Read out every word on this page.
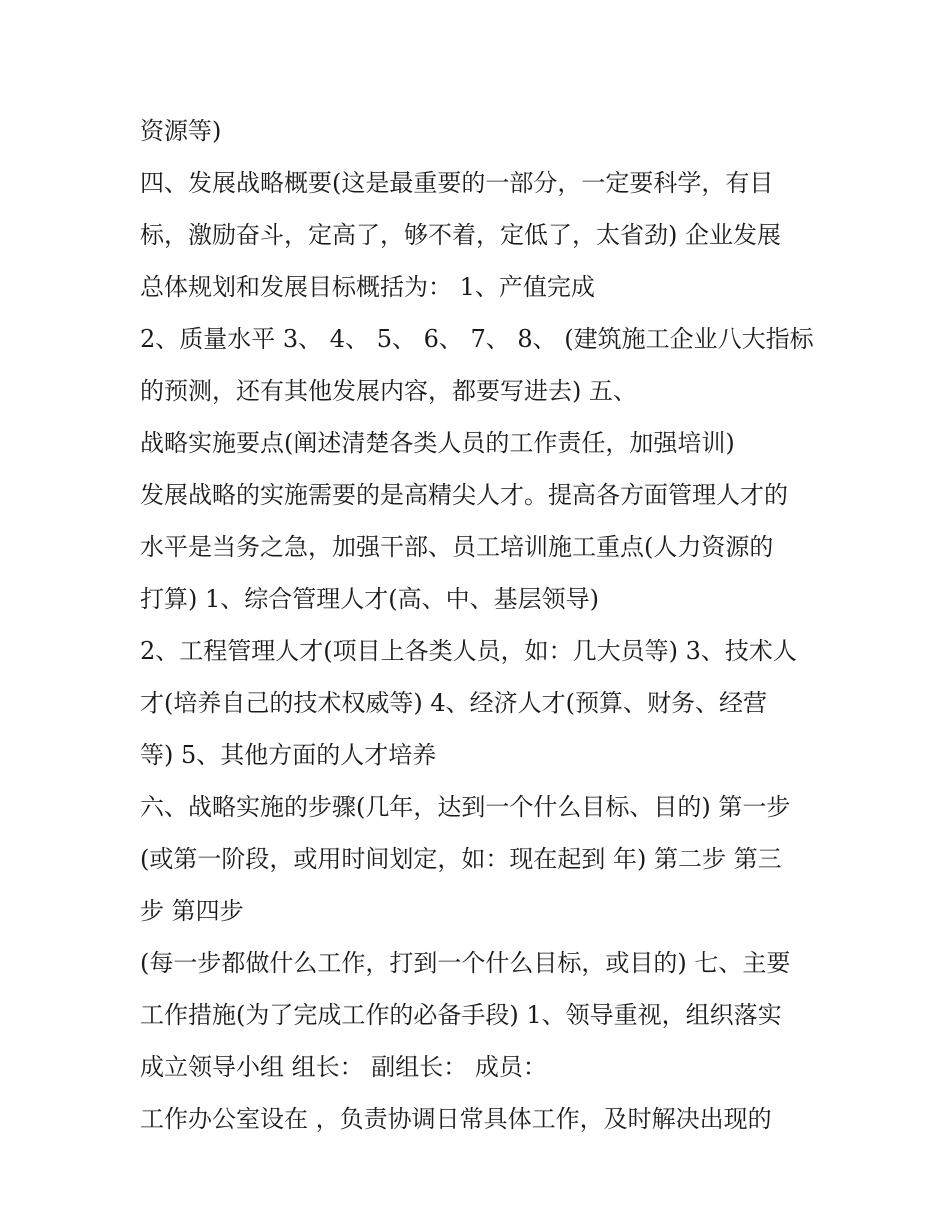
资源等)
四、发展战略概要(这是最重要的一部分，一定要科学，有目
标，激励奋斗，定高了，够不着，定低了，太省劲) 企业发展
总体规划和发展目标概括为： 1、产值完成
2、质量水平 3、 4、 5、 6、 7、 8、 (建筑施工企业八大指标
的预测，还有其他发展内容，都要写进去) 五、
战略实施要点(阐述清楚各类人员的工作责任，加强培训)
发展战略的实施需要的是高精尖人才。提高各方面管理人才的
水平是当务之急，加强干部、员工培训施工重点(人力资源的
打算) 1、综合管理人才(高、中、基层领导)
2、工程管理人才(项目上各类人员，如：几大员等) 3、技术人
才(培养自己的技术权威等) 4、经济人才(预算、财务、经营
等) 5、其他方面的人才培养
六、战略实施的步骤(几年，达到一个什么目标、目的) 第一步
(或第一阶段，或用时间划定，如：现在起到 年) 第二步 第三
步 第四步
(每一步都做什么工作，打到一个什么目标，或目的) 七、主要
工作措施(为了完成工作的必备手段) 1、领导重视，组织落实
成立领导小组 组长： 副组长： 成员：
工作办公室设在 ，负责协调日常具体工作，及时解决出现的
